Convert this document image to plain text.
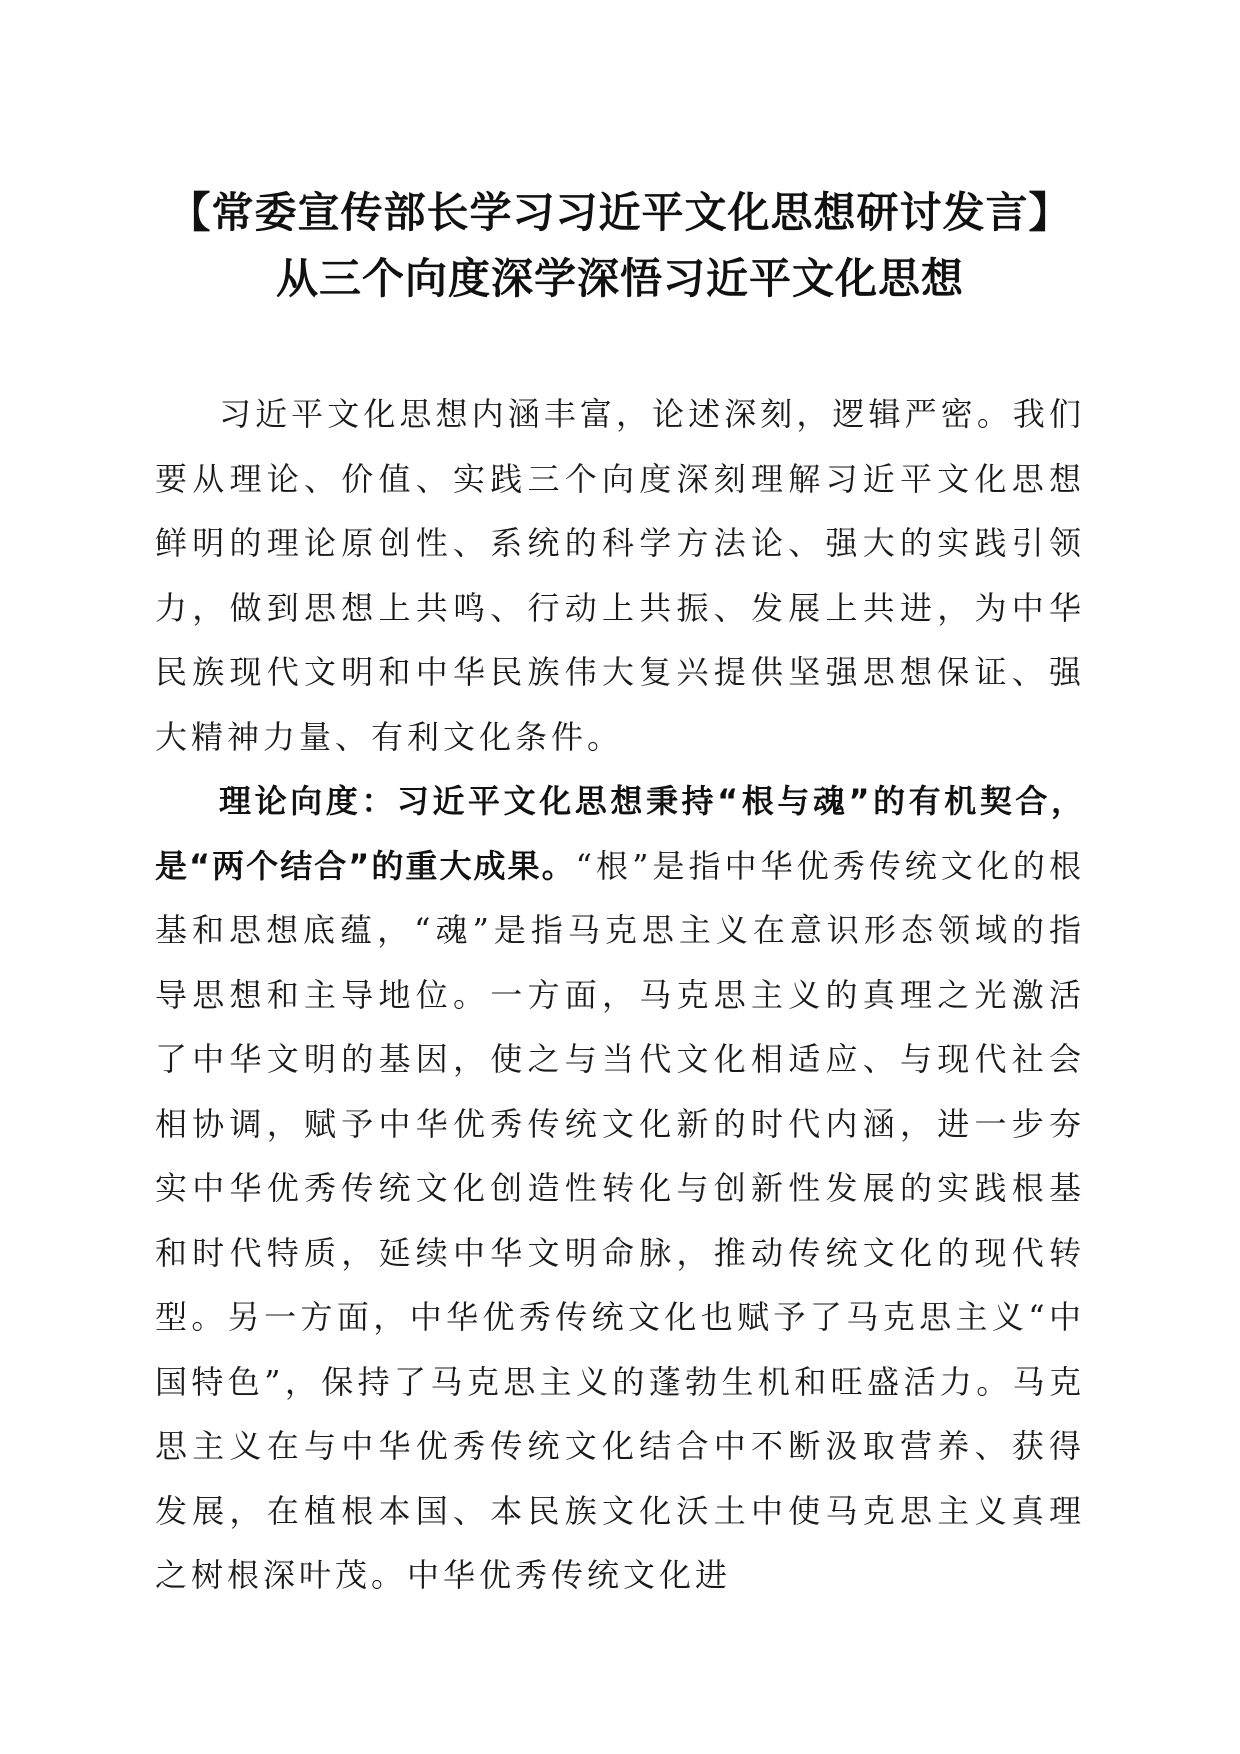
【常委宣传部长学习习近平文化思想研讨发言】从三个向度深学深悟习近平文化思想

习近平文化思想内涵丰富，论述深刻，逻辑严密。我们要从理论、价值、实践三个向度深刻理解习近平文化思想鲜明的理论原创性、系统的科学方法论、强大的实践引领力，做到思想上共鸣、行动上共振、发展上共进，为中华民族现代文明和中华民族伟大复兴提供坚强思想保证、强大精神力量、有利文化条件。

理论向度：习近平文化思想秉持“根与魂”的有机契合，是“两个结合”的重大成果。“根”是指中华优秀传统文化的根基和思想底蕴，“魂”是指马克思主义在意识形态领域的指导思想和主导地位。一方面，马克思主义的真理之光激活了中华文明的基因，使之与当代文化相适应、与现代社会相协调，赋予中华优秀传统文化新的时代内涵，进一步夯实中华优秀传统文化创造性转化与创新性发展的实践根基和时代特质，延续中华文明命脉，推动传统文化的现代转型。另一方面，中华优秀传统文化也赋予了马克思主义“中国特色”，保持了马克思主义的蓬勃生机和旺盛活力。马克思主义在与中华优秀传统文化结合中不断汲取营养、获得发展，在植根本国、本民族文化沃土中使马克思主义真理之树根深叶茂。中华优秀传统文化进
